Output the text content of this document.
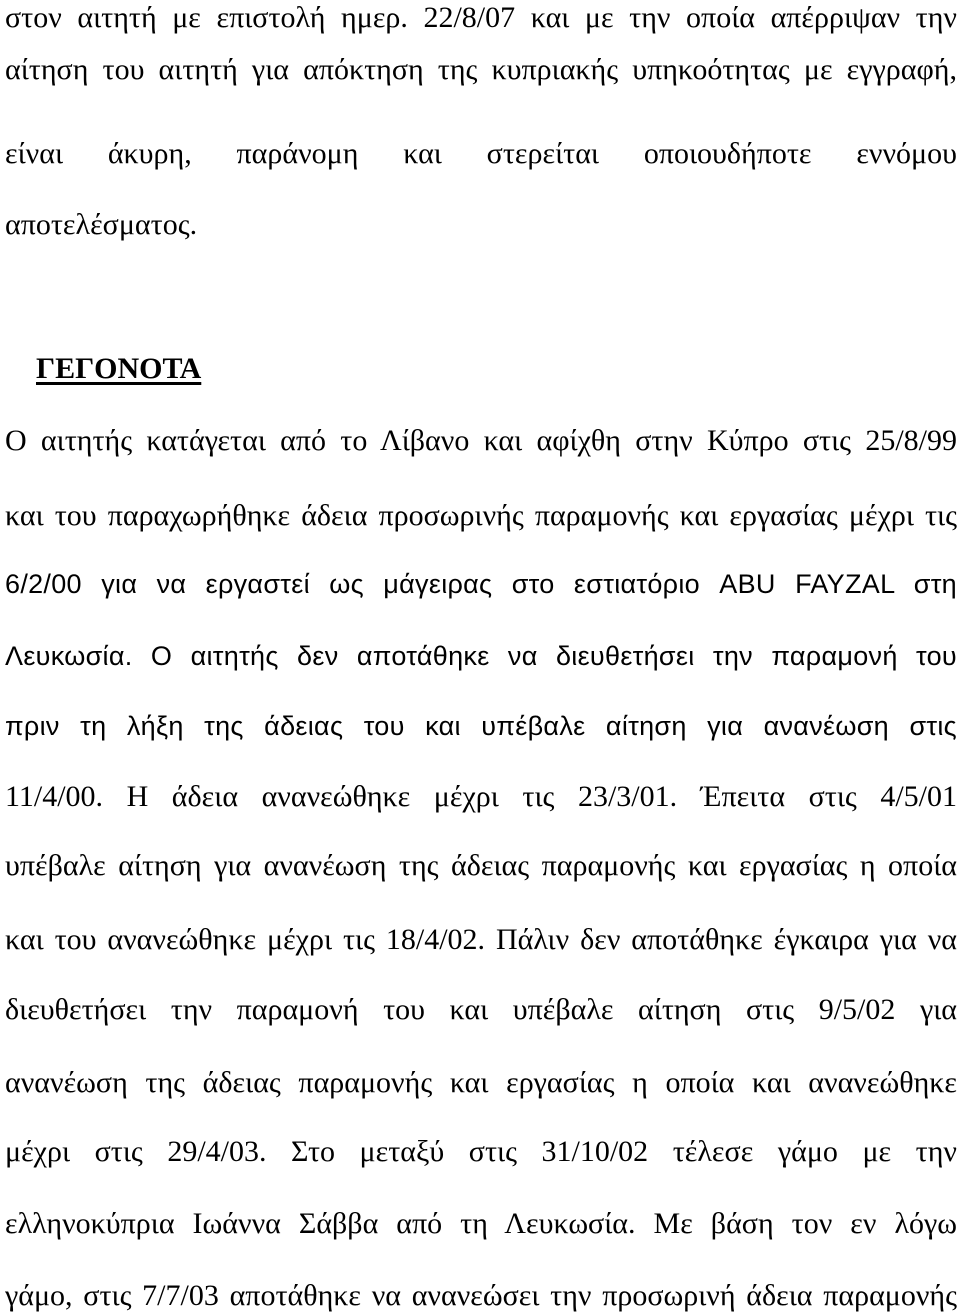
στον αιτητή με επιστολή ημερ. 22/8/07 και με την οποία απέρριψαν την
αίτηση του αιτητή για απόκτηση της κυπριακής υπηκοότητας με εγγραφή,
είναι άκυρη, παράνομη και στερείται οποιουδήποτε εννόμου
αποτελέσματος.
ΓΕΓΟΝΟΤΑ
Ο αιτητής κατάγεται από το Λίβανο και αφίχθη στην Κύπρο στις 25/8/99
και του παραχωρήθηκε άδεια προσωρινής παραμονής και εργασίας μέχρι τις
6/2/00 για να εργαστεί ως μάγειρας στο εστιατόριο ABU FAYZAL στη
Λευκωσία. Ο αιτητής δεν αποτάθηκε να διευθετήσει την παραμονή του
πριν τη λήξη της άδειας του και υπέβαλε αίτηση για ανανέωση στις
11/4/00. Η άδεια ανανεώθηκε μέχρι τις 23/3/01. Έπειτα στις 4/5/01
υπέβαλε αίτηση για ανανέωση της άδειας παραμονής και εργασίας η οποία
και του ανανεώθηκε μέχρι τις 18/4/02. Πάλιν δεν αποτάθηκε έγκαιρα για να
διευθετήσει την παραμονή του και υπέβαλε αίτηση στις 9/5/02 για
ανανέωση της άδειας παραμονής και εργασίας η οποία και ανανεώθηκε
μέχρι στις 29/4/03. Στο μεταξύ στις 31/10/02 τέλεσε γάμο με την
ελληνοκύπρια Ιωάννα Σάββα από τη Λευκωσία. Με βάση τον εν λόγω
γάμο, στις 7/7/03 αποτάθηκε να ανανεώσει την προσωρινή άδεια παραμονής
